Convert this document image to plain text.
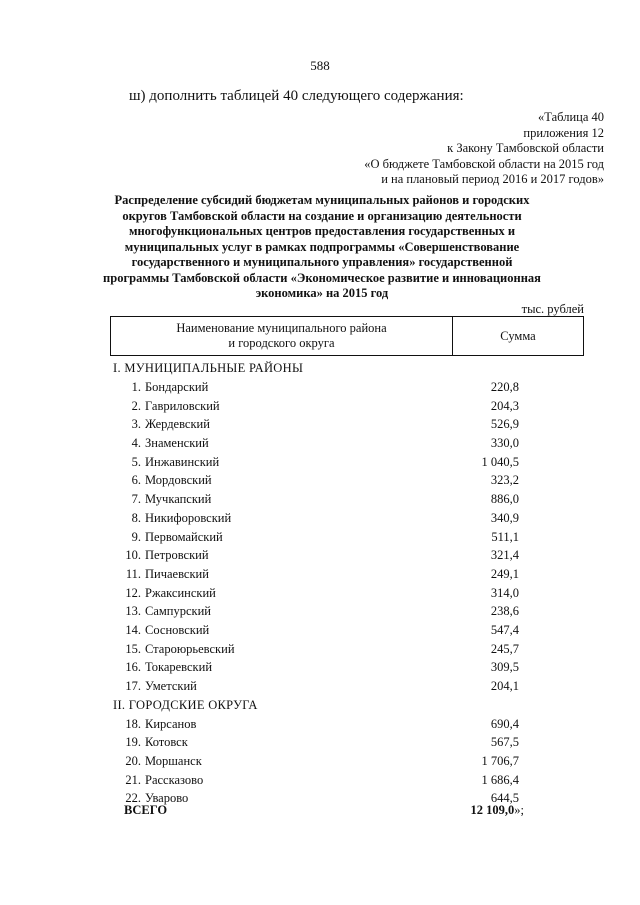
588
ш) дополнить таблицей 40 следующего содержания:
«Таблица 40
приложения 12
к Закону Тамбовской области
«О бюджете Тамбовской области на 2015 год
и на плановый период 2016 и 2017 годов»
Распределение субсидий бюджетам муниципальных районов и городских
округов Тамбовской области на создание и организацию деятельности
многофункциональных центров предоставления государственных и
муниципальных услуг в рамках подпрограммы «Совершенствование
государственного и муниципального управления» государственной
программы Тамбовской области «Экономическое развитие и инновационная
экономика» на 2015 год
тыс. рублей
Наименование муниципального района
и городского округа
Сумма
I. МУНИЦИПАЛЬНЫЕ РАЙОНЫ
1. Бондарский	220,8
2. Гавриловский	204,3
3. Жердевский	526,9
4. Знаменский	330,0
5. Инжавинский	1 040,5
6. Мордовский	323,2
7. Мучкапский	886,0
8. Никифоровский	340,9
9. Первомайский	511,1
10. Петровский	321,4
11. Пичаевский	249,1
12. Ржаксинский	314,0
13. Сампурский	238,6
14. Сосновский	547,4
15. Староюрьевский	245,7
16. Токаревский	309,5
17. Уметский	204,1
II. ГОРОДСКИЕ ОКРУГА
18. Кирсанов	690,4
19. Котовск	567,5
20. Моршанск	1 706,7
21. Рассказово	1 686,4
22. Уварово	644,5
ВСЕГО	12 109,0»;
